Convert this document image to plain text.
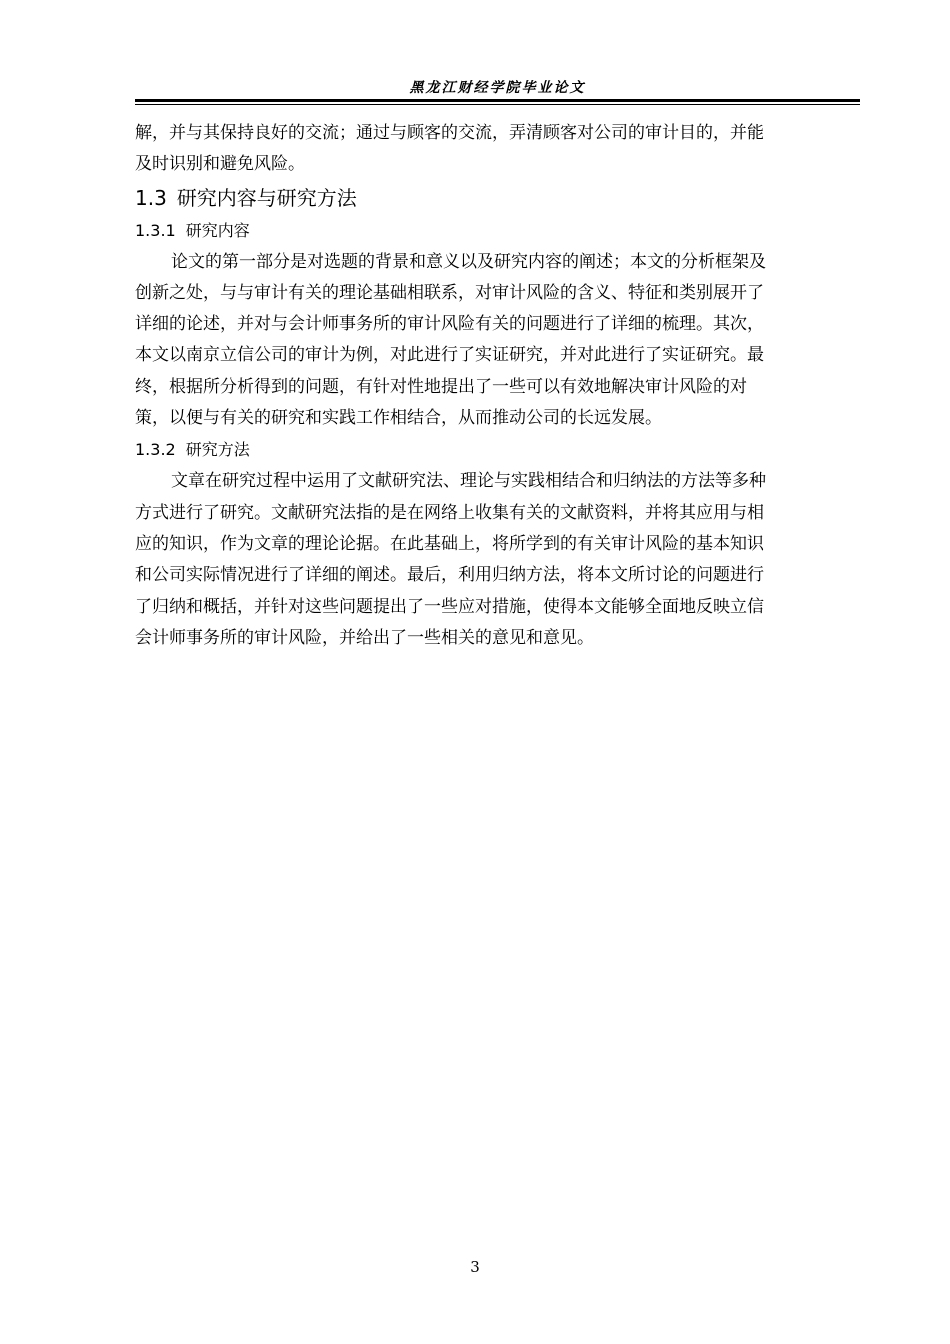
黑龙江财经学院毕业论文

解，并与其保持良好的交流；通过与顾客的交流，弄清顾客对公司的审计目的，并能
及时识别和避免风险。

1.3 研究内容与研究方法
1.3.1 研究内容

论文的第一部分是对选题的背景和意义以及研究内容的阐述；本文的分析框架及
创新之处，与与审计有关的理论基础相联系，对审计风险的含义、特征和类别展开了
详细的论述，并对与会计师事务所的审计风险有关的问题进行了详细的梳理。其次，
本文以南京立信公司的审计为例，对此进行了实证研究，并对此进行了实证研究。最
终，根据所分析得到的问题，有针对性地提出了一些可以有效地解决审计风险的对
策，以便与有关的研究和实践工作相结合，从而推动公司的长远发展。

1.3.2 研究方法

文章在研究过程中运用了文献研究法、理论与实践相结合和归纳法的方法等多种
方式进行了研究。文献研究法指的是在网络上收集有关的文献资料，并将其应用与相
应的知识，作为文章的理论论据。在此基础上，将所学到的有关审计风险的基本知识
和公司实际情况进行了详细的阐述。最后，利用归纳方法，将本文所讨论的问题进行
了归纳和概括，并针对这些问题提出了一些应对措施，使得本文能够全面地反映立信
会计师事务所的审计风险，并给出了一些相关的意见和意见。

3
